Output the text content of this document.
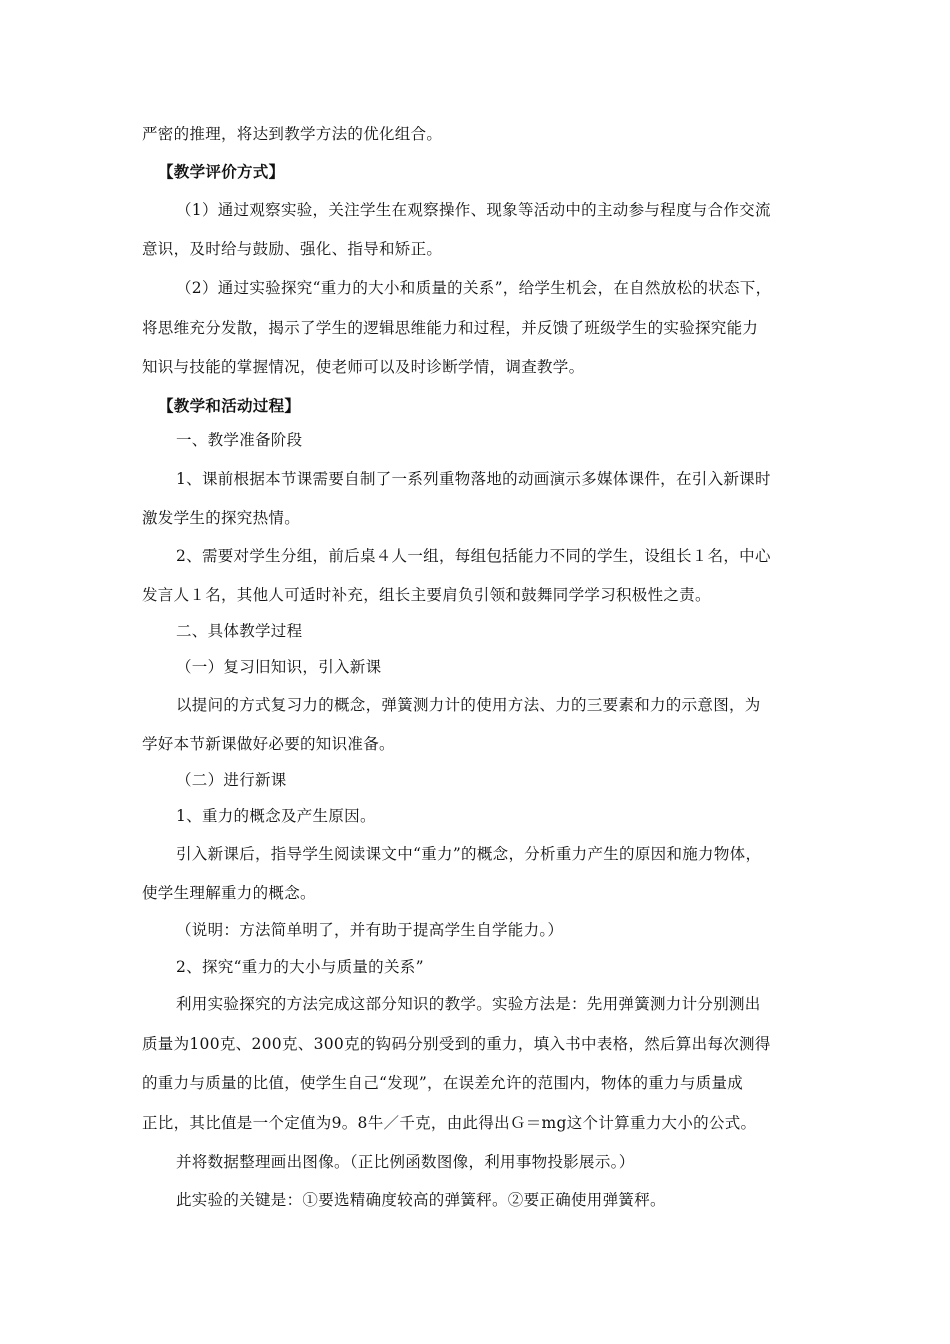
严密的推理，将达到教学方法的优化组合。
【教学评价方式】
（1）通过观察实验，关注学生在观察操作、现象等活动中的主动参与程度与合作交流
意识，及时给与鼓励、强化、指导和矫正。
（2）通过实验探究“重力的大小和质量的关系”，给学生机会，在自然放松的状态下，
将思维充分发散，揭示了学生的逻辑思维能力和过程，并反馈了班级学生的实验探究能力
知识与技能的掌握情况，使老师可以及时诊断学情，调查教学。
【教学和活动过程】
一、教学准备阶段
1、课前根据本节课需要自制了一系列重物落地的动画演示多媒体课件，在引入新课时
激发学生的探究热情。
2、需要对学生分组，前后桌４人一组，每组包括能力不同的学生，设组长１名，中心
发言人１名，其他人可适时补充，组长主要肩负引领和鼓舞同学学习积极性之责。
二、具体教学过程
（一）复习旧知识，引入新课
以提问的方式复习力的概念，弹簧测力计的使用方法、力的三要素和力的示意图，为
学好本节新课做好必要的知识准备。
（二）进行新课
1、重力的概念及产生原因。
引入新课后，指导学生阅读课文中“重力”的概念，分析重力产生的原因和施力物体，
使学生理解重力的概念。
（说明：方法简单明了，并有助于提高学生自学能力。）
2、探究“重力的大小与质量的关系”
利用实验探究的方法完成这部分知识的教学。实验方法是：先用弹簧测力计分别测出
质量为100克、200克、300克的钩码分别受到的重力，填入书中表格，然后算出每次测得
的重力与质量的比值，使学生自己“发现”，在误差允许的范围内，物体的重力与质量成
正比，其比值是一个定值为9。8牛／千克，由此得出Ｇ＝mg这个计算重力大小的公式。
并将数据整理画出图像。（正比例函数图像，利用事物投影展示。）
此实验的关键是：①要选精确度较高的弹簧秤。②要正确使用弹簧秤。
